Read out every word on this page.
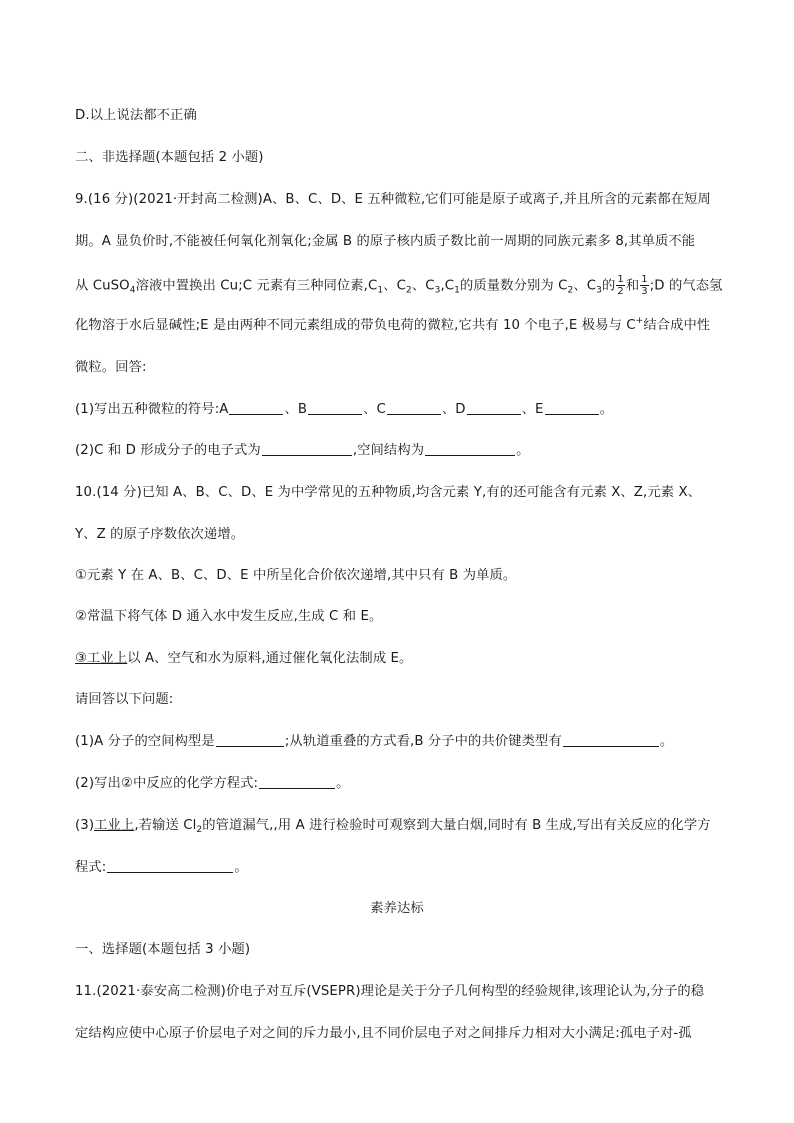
D.以上说法都不正确
二、非选择题(本题包括 2 小题)
9.(16 分)(2021·开封高二检测)A、B、C、D、E 五种微粒,它们可能是原子或离子,并且所含的元素都在短周
期。A 显负价时,不能被任何氧化剂氧化;金属 B 的原子核内质子数比前一周期的同族元素多 8,其单质不能
从 CuSO$_4$溶液中置换出 Cu;C 元素有三种同位素$,C_1$、$C_2$、$C_3,C_1$的质量数分别为 $C_2$、$C_3$的 $\frac{1}{2}$ 和 $\frac{1}{3}$ ;D 的气态氢
化物溶于水后显碱性;E 是由两种不同元素组成的带负电荷的微粒,它共有 10 个电子,E 极易与 C+结合成中性
微粒。回答:
(1)写出五种微粒的符号:A	、B	、C	、D	、E	。
(2)C 和 D 形成分子的电子式为	,空间结构为	。
10.(14 分)已知 A、B、C、D、E 为中学常见的五种物质,均含元素 Y,有的还可能含有元素 X、Z,元素 X、
Y、Z 的原子序数依次递增。
①元素 Y 在 A、B、C、D、E 中所呈化合价依次递增,其中只有 B 为单质。
②常温下将气体 D 通入水中发生反应,生成 C 和 E。
③工业上以 A、空气和水为原料,通过催化氧化法制成 E。
请回答以下问题:
(1)A 分子的空间构型是	;从轨道重叠的方式看,B 分子中的共价键类型有	。
(2)写出②中反应的化学方程式:	。
(3)工业上,若输送 $Cl_2$的管道漏气,,用 A 进行检验时可观察到大量白烟,同时有 B 生成,写出有关反应的化学方
程式:	。
素养达标
一、选择题(本题包括 3 小题)
11.(2021·泰安高二检测)价电子对互斥(VSEPR)理论是关于分子几何构型的经验规律,该理论认为,分子的稳
定结构应使中心原子价层电子对之间的斥力最小,且不同价层电子对之间排斥力相对大小满足:孤电子对-孤
